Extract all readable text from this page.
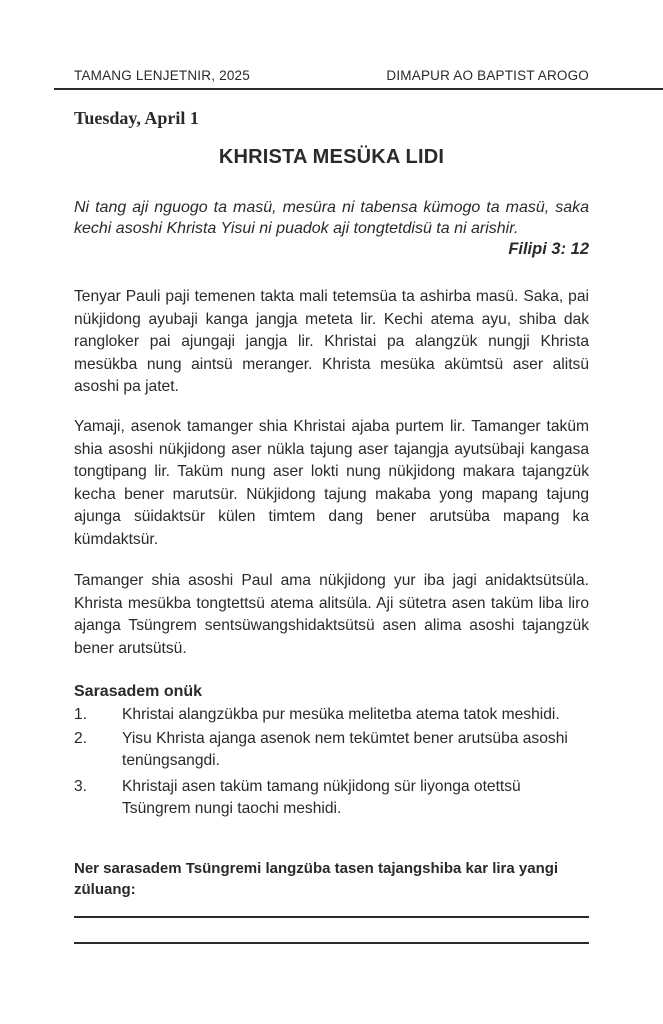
TAMANG LENJETNIR, 2025	DIMAPUR AO BAPTIST AROGO
Tuesday, April 1
KHRISTA MESÜKA LIDI
Ni tang aji nguogo ta masü, mesüra ni tabensa kümogo ta masü, saka kechi asoshi Khrista Yisui ni puadok aji tongtetdisü ta ni arishir.
Filipi 3: 12
Tenyar Pauli paji temenen takta mali tetemsüa ta ashirba masü. Saka, pai nükjidong ayubaji kanga jangja meteta lir. Kechi atema ayu, shiba dak rangloker pai ajungaji jangja lir. Khristai pa alangzük nungji Khrista mesükba nung aintsü meranger. Khrista mesüka akümtsü aser alitsü asoshi pa jatet.
Yamaji, asenok tamanger shia Khristai ajaba purtem lir. Tamanger taküm shia asoshi nükjidong aser nükla tajung aser tajangja ayutsübaji kangasa tongtipang lir. Taküm nung aser lokti nung nükjidong makara tajangzük kecha bener marutsür. Nükjidong tajung makaba yong mapang tajung ajunga süidaktsür külen timtem dang bener arutsüba mapang ka kümdaktsür.
Tamanger shia asoshi Paul ama nükjidong yur iba jagi anidaktsütsüla. Khrista mesükba tongtettsü atema alitsüla. Aji sütetra asen taküm liba liro ajanga Tsüngrem sentsüwangshidaktsütsü asen alima asoshi tajangzük bener arutsütsü.
Sarasadem onük
1. Khristai alangzükba pur mesüka melitetba atema tatok meshidi.
2. Yisu Khrista ajanga asenok nem tekümtet bener arutsüba asoshi tenüngsangdi.
3. Khristaji asen taküm tamang nükjidong sür liyonga otettsü Tsüngrem nungi taochi meshidi.
Ner sarasadem Tsüngremi langzüba tasen tajangshiba kar lira yangi züluang:
